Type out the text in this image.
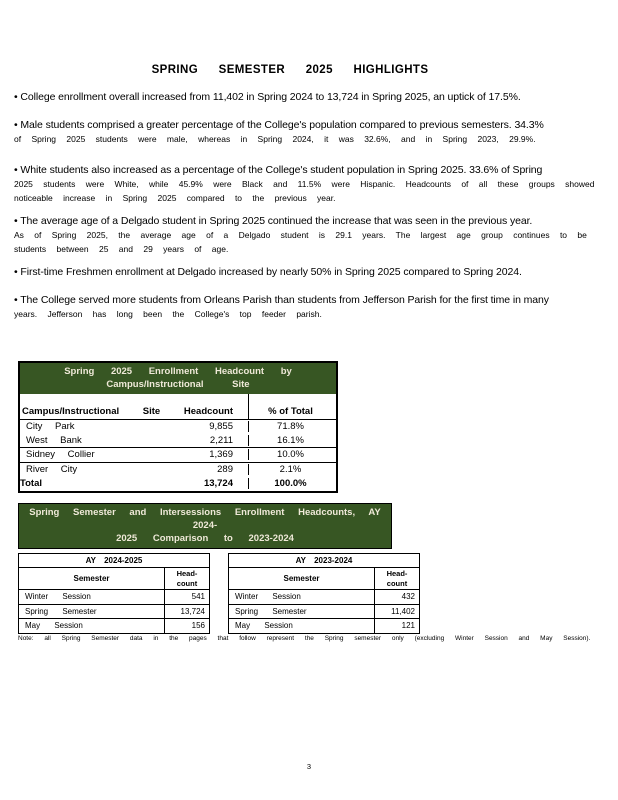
SPRING SEMESTER 2025 HIGHLIGHTS
• College enrollment overall increased from 11,402 in Spring 2024 to 13,724 in Spring 2025, an uptick of 17.5%.
• Male students comprised a greater percentage of the College's population compared to previous semesters. 34.3%
of Spring 2025 students were male, whereas in Spring 2024, it was 32.6%, and in Spring 2023, 29.9%.
• White students also increased as a percentage of the College's student population in Spring 2025. 33.6% of Spring
2025 students were White, while 45.9% were Black and 11.5% were Hispanic. Headcounts of all these groups showed noticeable increase in Spring 2025 compared to the previous year.
• The average age of a Delgado student in Spring 2025 continued the increase that was seen in the previous year.
As of Spring 2025, the average age of a Delgado student is 29.1 years. The largest age group continues to be students between 25 and 29 years of age.
• First-time Freshmen enrollment at Delgado increased by nearly 50% in Spring 2025 compared to Spring 2024.
• The College served more students from Orleans Parish than students from Jefferson Parish for the first time in many
years. Jefferson has long been the College's top feeder parish.
Spring 2025 Enrollment Headcount by
Campus/Instructional Site
Campus/Instructional Site Headcount	% of Total
City Park	9,855	71.8%
West Bank	2,211	16.1%
Sidney Collier	1,369	10.0%
River City	289	2.1%
Total	13,724	100.0%
Spring Semester and Intersessions Enrollment Headcounts, AY 2024-
2025 Comparison to 2023-2024
AY 2024-2025
Semester
Head-
count
Winter Session	541
Spring Semester	13,724
May Session	156
AY 2023-2024
Semester
Head-
count
Winter Session	432
Spring Semester	11,402
May Session	121
Note: all Spring Semester data in the pages that follow represent the Spring semester only (excluding Winter Session and May Session).
3
